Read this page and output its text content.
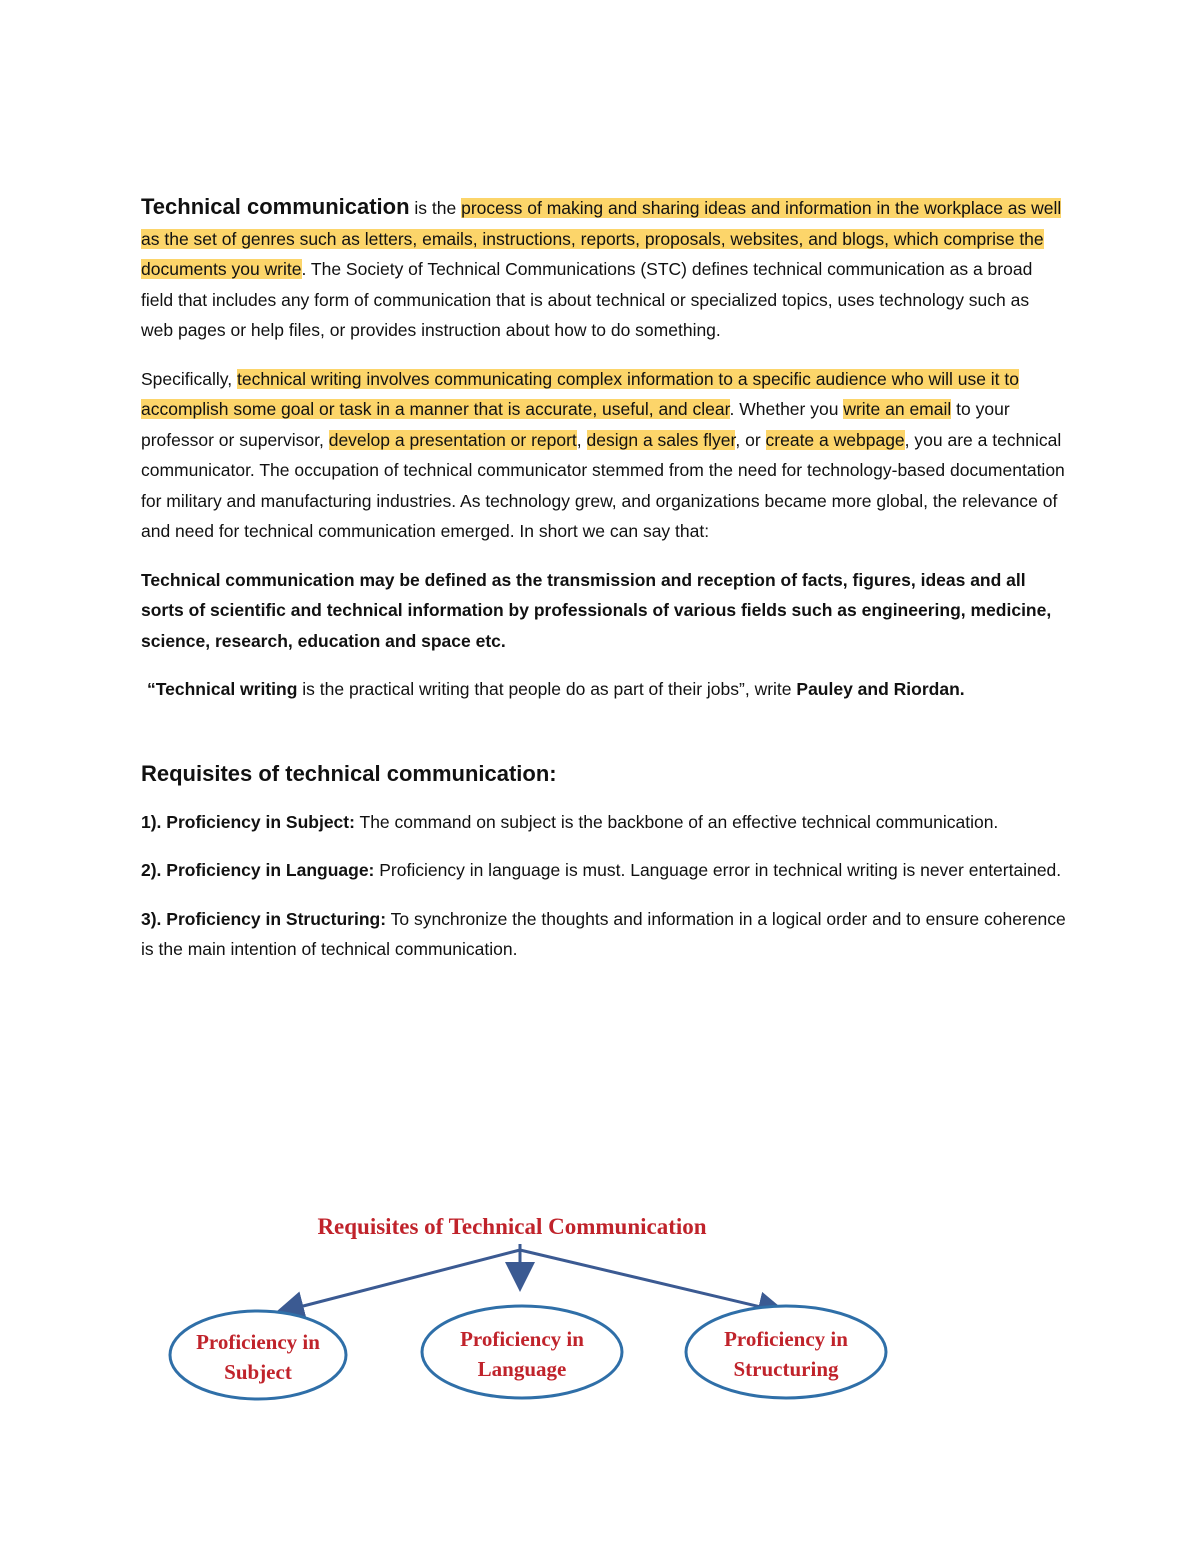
Technical communication is the process of making and sharing ideas and information in the workplace as well as the set of genres such as letters, emails, instructions, reports, proposals, websites, and blogs, which comprise the documents you write. The Society of Technical Communications (STC) defines technical communication as a broad field that includes any form of communication that is about technical or specialized topics, uses technology such as web pages or help files, or provides instruction about how to do something.

Specifically, technical writing involves communicating complex information to a specific audience who will use it to accomplish some goal or task in a manner that is accurate, useful, and clear. Whether you write an email to your professor or supervisor, develop a presentation or report, design a sales flyer, or create a webpage, you are a technical communicator. The occupation of technical communicator stemmed from the need for technology-based documentation for military and manufacturing industries. As technology grew, and organizations became more global, the relevance of and need for technical communication emerged. In short we can say that:

Technical communication may be defined as the transmission and reception of facts, figures, ideas and all sorts of scientific and technical information by professionals of various fields such as engineering, medicine, science, research, education and space etc.

“Technical writing is the practical writing that people do as part of their jobs”, write Pauley and Riordan.

Requisites of technical communication:

1). Proficiency in Subject: The command on subject is the backbone of an effective technical communication.

2). Proficiency in Language: Proficiency in language is must. Language error in technical writing is never entertained.

3). Proficiency in Structuring: To synchronize the thoughts and information in a logical order and to ensure coherence is the main intention of technical communication.

Requisites of Technical Communication
Proficiency in
Subject
Proficiency in
Language
Proficiency in
Structuring
